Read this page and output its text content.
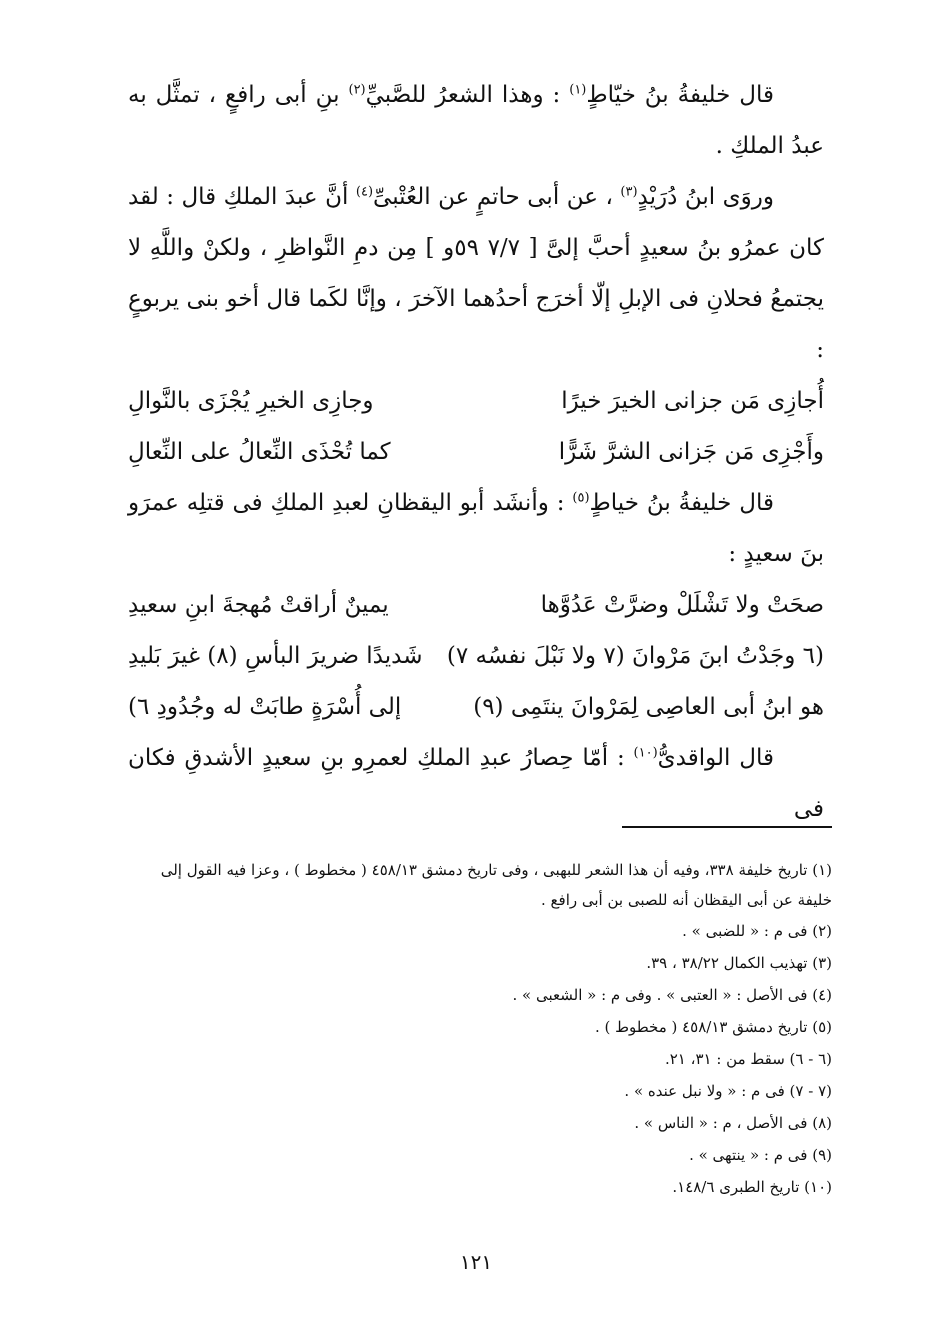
قال خليفةُ بنُ خيّاطٍ$^{(١)}$ : وهذا الشعرُ للصَّبيِّ$^{(٢)}$ بنِ أبى رافعٍ ، تمثَّل به عبدُ الملكِ .

وروَى ابنُ دُرَيْدٍ$^{(٣)}$ ، عن أبى حاتمٍ عن العُتْبىِّ$^{(٤)}$ أنَّ عبدَ الملكِ قال : لقد كان عمرُو بنُ سعيدٍ أحبَّ إلىَّ [ ٧/٧ ٥٩و ] مِن دمِ النَّواظرِ ، ولكنْ واللَّهِ لا يجتمعُ فحلانِ فى الإبلِ إلّا أخرَج أحدُهما الآخرَ ، وإنَّا لكَما قال أخو بنى يربوعٍ :

أُجازِى مَن جزانى الخيرَ خيرًا
وجازِى الخيرِ يُجْزَى بالنَّوالِ
وأَجْزِى مَن جَزانى الشرَّ شَرًّا
كما تُحْذَى النِّعالُ على النِّعالِ

قال خليفةُ بنُ خياطٍ$^{(٥)}$ : وأنشَد أبو اليقظانِ لعبدِ الملكِ فى قتلِه عمرَو بنَ سعيدٍ :

صحَتْ ولا تَشْلَلْ وضرَّتْ عَدُوَّها
يمينٌ أراقتْ مُهجةَ ابنِ سعيدِ
(٦ وجَدْتُ ابنَ مَرْوانَ (٧ ولا نَبْلَ نفسُه ٧)
شَديدًا ضريرَ البأسِ (٨) غيرَ بَليدِ
هو ابنُ أبى العاصِى لِمَرْوانَ ينتَمِى (٩)
إلى أُسْرَةٍ طابَتْ له وجُدُودِ ٦)

قال الواقدىُّ$^{(١٠)}$ : أمّا حِصارُ عبدِ الملكِ لعمرِو بنِ سعيدٍ الأشدقِ فكان فى

(١) تاريخ خليفة ٣٣٨، وفيه أن هذا الشعر للبهبى ، وفى تاريخ دمشق ٤٥٨/١٣ ( مخطوط ) ، وعزا فيه القول إلى خليفة عن أبى اليقظان أنه للصبى بن أبى رافع .

(٢) فى م : « للضبى » .

(٣) تهذيب الكمال ٣٨/٢٢ ، ٣٩.

(٤) فى الأصل : « العتبى » . وفى م : « الشعبى » .

(٥) تاريخ دمشق ٤٥٨/١٣ ( مخطوط ) .

(٦ - ٦) سقط من : ٣١، ٢١.

(٧ - ٧) فى م : « ولا نبل عنده » .

(٨) فى الأصل ، م : « الناس » .

(٩) فى م : « ينتهى » .

(١٠) تاريخ الطبرى ١٤٨/٦.

١٢١
